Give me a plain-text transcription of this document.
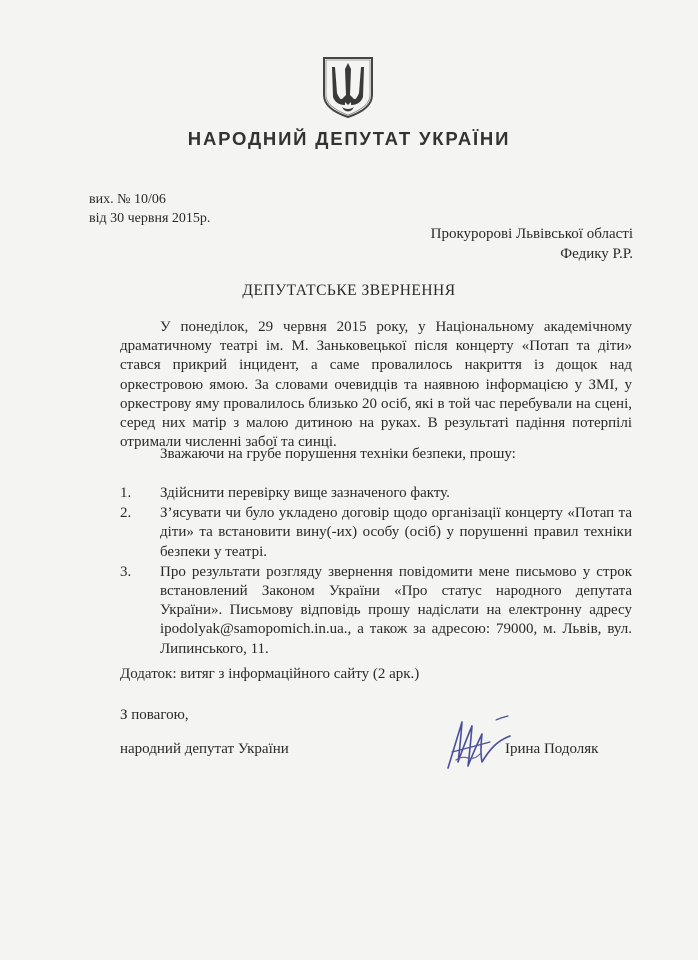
НАРОДНИЙ ДЕПУТАТ УКРАЇНИ
вих. № 10/06
від 30 червня 2015р.
Прокуророві Львівської області
Федику Р.Р.
ДЕПУТАТСЬКЕ ЗВЕРНЕННЯ

У понеділок, 29 червня 2015 року, у Національному академічному драматичному театрі ім. М. Заньковецької після концерту «Потап та діти» стався прикрий інцидент, а саме провалилось накриття із дощок над оркестровою ямою. За словами очевидців та наявною інформацією у ЗМІ, у оркестрову яму провалилось близько 20 осіб, які в той час перебували на сцені, серед них матір з малою дитиною на руках. В результаті падіння потерпілі отримали численні забої та синці.

Зважаючи на грубе порушення техніки безпеки, прошу:

1.	Здійснити перевірку вище зазначеного факту.
2.	З’ясувати чи було укладено договір щодо організації концерту «Потап та діти» та встановити вину(-их) особу (осіб) у порушенні правил техніки безпеки у театрі.
3.	Про результати розгляду звернення повідомити мене письмово у строк встановлений Законом України «Про статус народного депутата України». Письмову відповідь прошу надіслати на електронну адресу ipodolyak@samopomich.in.ua., а також за адресою: 79000, м. Львів, вул. Липинського, 11.
Додаток: витяг з інформаційного сайту (2 арк.)
З повагою,
народний депутат України	Ірина Подоляк
